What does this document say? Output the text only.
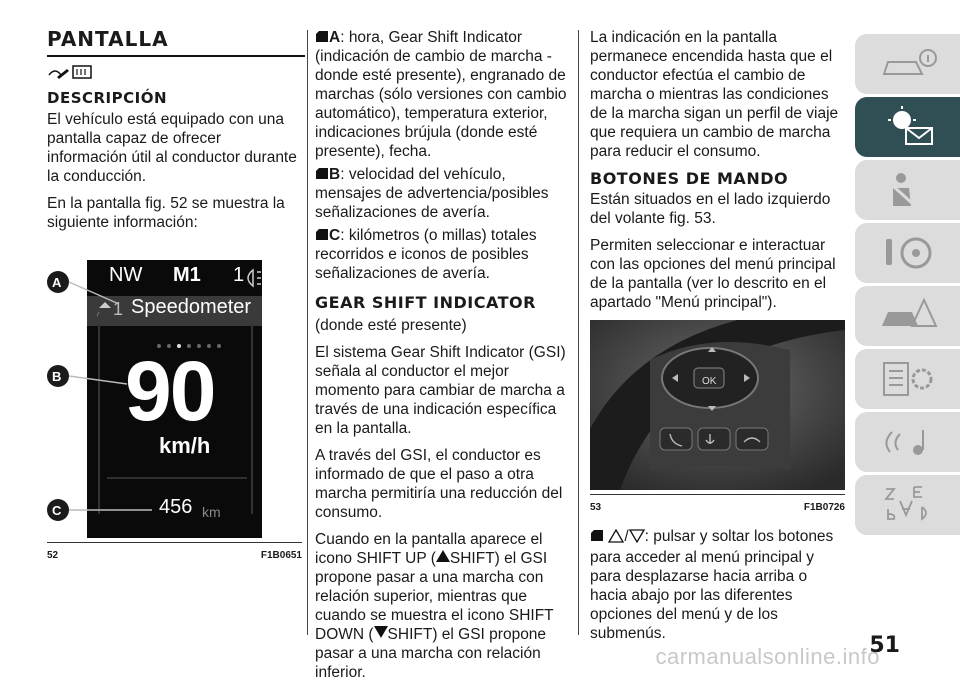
PANTALLA
DESCRIPCIÓN

El vehículo está equipado con una pantalla capaz de ofrecer información útil al conductor durante la conducción.

En la pantalla fig. 52 se muestra la siguiente información:

A
B
C
NW M1 1
1 Speedometer
90
km/h
456 km
52	F1B0651
A: hora, Gear Shift Indicator (indicación de cambio de marcha - donde esté presente), engranado de marchas (sólo versiones con cambio automático), temperatura exterior, indicaciones brújula (donde esté presente), fecha.
B: velocidad del vehículo, mensajes de advertencia/posibles señalizaciones de avería.
C: kilómetros (o millas) totales recorridos e iconos de posibles señalizaciones de avería.
GEAR SHIFT INDICATOR

(donde esté presente)

El sistema Gear Shift Indicator (GSI) señala al conductor el mejor momento para cambiar de marcha a través de una indicación específica en la pantalla.

A través del GSI, el conductor es informado de que el paso a otra marcha permitiría una reducción del consumo.

Cuando en la pantalla aparece el icono SHIFT UP ( SHIFT) el GSI propone pasar a una marcha con relación superior, mientras que cuando se muestra el icono SHIFT DOWN ( SHIFT) el GSI propone pasar a una marcha con relación inferior.

La indicación en la pantalla permanece encendida hasta que el conductor efectúa el cambio de marcha o mientras las condiciones de la marcha sigan un perfil de viaje que requiera un cambio de marcha para reducir el consumo.

BOTONES DE MANDO

Están situados en el lado izquierdo del volante fig. 53.

Permiten seleccionar e interactuar con las opciones del menú principal de la pantalla (ver lo descrito en el apartado "Menú principal").

OK
53	F1B0726

/ : pulsar y soltar los botones para acceder al menú principal y para desplazarse hacia arriba o hacia abajo por las diferentes opciones del menú y de los submenús.

carmanualsonline.info
51
